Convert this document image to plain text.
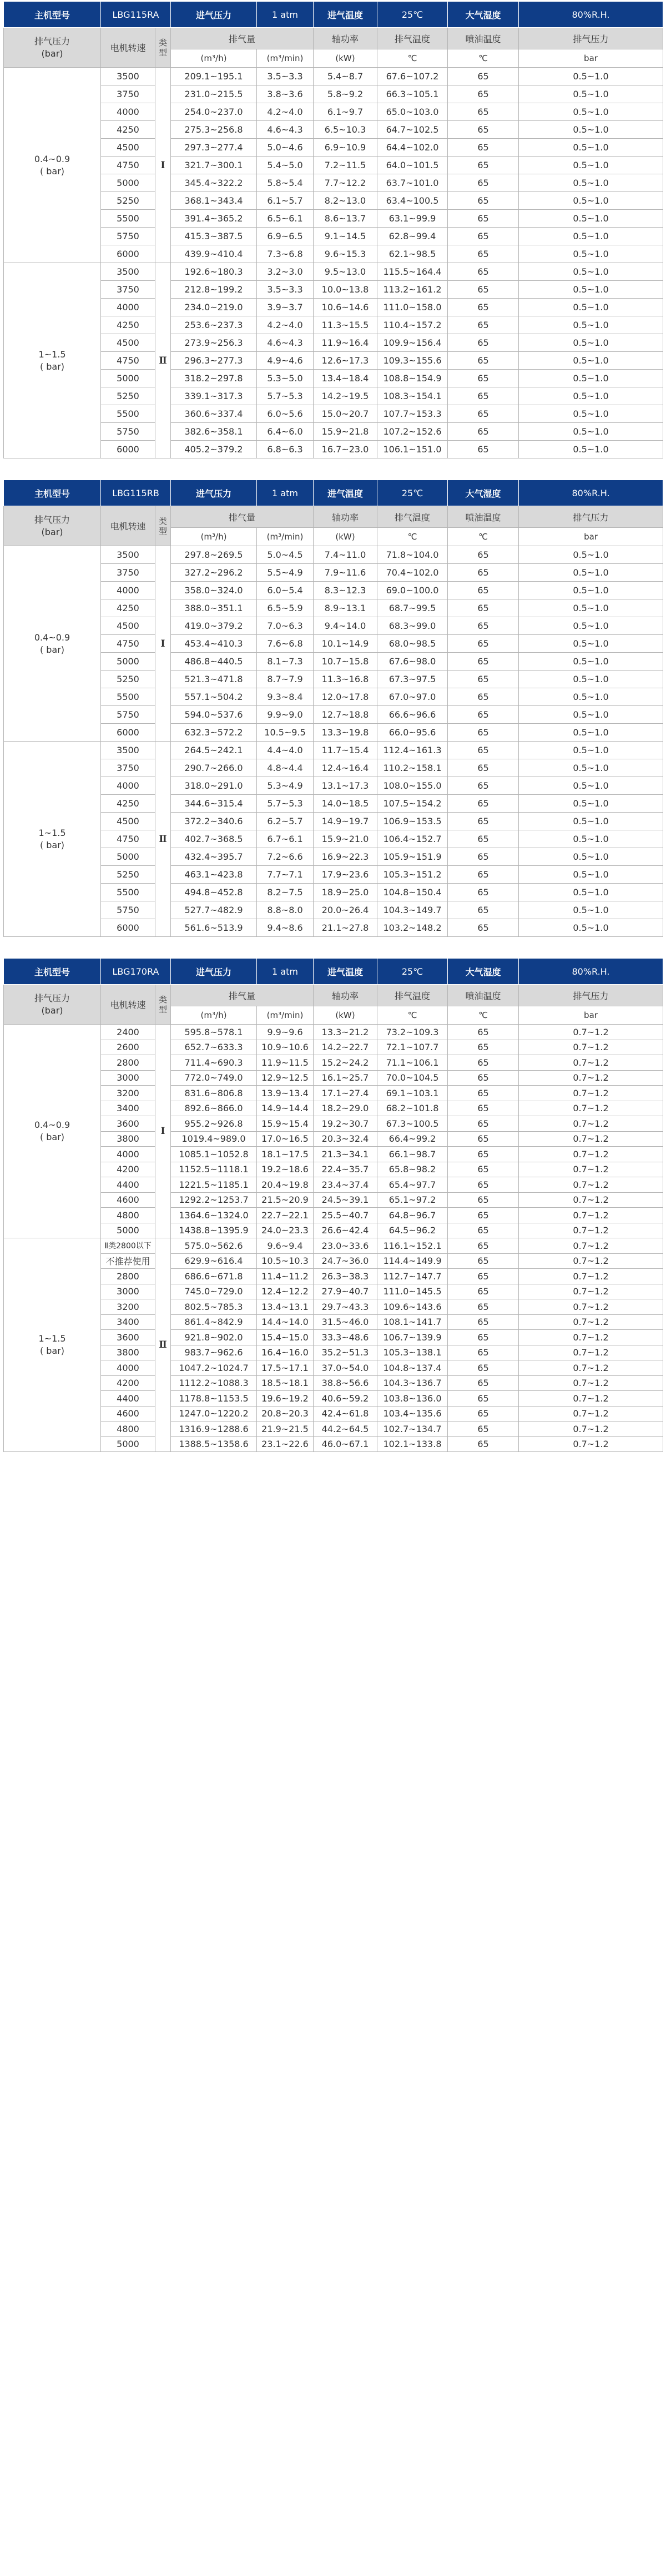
主机型号	LBG115RA		进气压力	1 atm	进气温度	25℃	大气湿度	80%R.H.

排气压力
(bar)	电机转速	类型	排气量		轴功率	排气温度	喷油温度	排气压力
			(m³/h)	(m³/min)	(kW)	℃	℃	bar

0.4~0.9
( bar)	3500	Ⅰ	209.1~195.1	3.5~3.3	5.4~8.7	67.6~107.2	65	0.5~1.0
	3750		231.0~215.5	3.8~3.6	5.8~9.2	66.3~105.1	65	0.5~1.0
	4000		254.0~237.0	4.2~4.0	6.1~9.7	65.0~103.0	65	0.5~1.0
	4250		275.3~256.8	4.6~4.3	6.5~10.3	64.7~102.5	65	0.5~1.0
	4500		297.3~277.4	5.0~4.6	6.9~10.9	64.4~102.0	65	0.5~1.0
	4750		321.7~300.1	5.4~5.0	7.2~11.5	64.0~101.5	65	0.5~1.0
	5000		345.4~322.2	5.8~5.4	7.7~12.2	63.7~101.0	65	0.5~1.0
	5250		368.1~343.4	6.1~5.7	8.2~13.0	63.4~100.5	65	0.5~1.0
	5500		391.4~365.2	6.5~6.1	8.6~13.7	63.1~99.9	65	0.5~1.0
	5750		415.3~387.5	6.9~6.5	9.1~14.5	62.8~99.4	65	0.5~1.0
	6000		439.9~410.4	7.3~6.8	9.6~15.3	62.1~98.5	65	0.5~1.0

1~1.5
( bar)	3500	Ⅱ	192.6~180.3	3.2~3.0	9.5~13.0	115.5~164.4	65	0.5~1.0
	3750		212.8~199.2	3.5~3.3	10.0~13.8	113.2~161.2	65	0.5~1.0
	4000		234.0~219.0	3.9~3.7	10.6~14.6	111.0~158.0	65	0.5~1.0
	4250		253.6~237.3	4.2~4.0	11.3~15.5	110.4~157.2	65	0.5~1.0
	4500		273.9~256.3	4.6~4.3	11.9~16.4	109.9~156.4	65	0.5~1.0
	4750		296.3~277.3	4.9~4.6	12.6~17.3	109.3~155.6	65	0.5~1.0
	5000		318.2~297.8	5.3~5.0	13.4~18.4	108.8~154.9	65	0.5~1.0
	5250		339.1~317.3	5.7~5.3	14.2~19.5	108.3~154.1	65	0.5~1.0
	5500		360.6~337.4	6.0~5.6	15.0~20.7	107.7~153.3	65	0.5~1.0
	5750		382.6~358.1	6.4~6.0	15.9~21.8	107.2~152.6	65	0.5~1.0
	6000		405.2~379.2	6.8~6.3	16.7~23.0	106.1~151.0	65	0.5~1.0
主机型号	LBG115RB		进气压力	1 atm	进气温度	25℃	大气湿度	80%R.H.

排气压力
(bar)	电机转速	类型	排气量		轴功率	排气温度	喷油温度	排气压力
			(m³/h)	(m³/min)	(kW)	℃	℃	bar

0.4~0.9
( bar)	3500	Ⅰ	297.8~269.5	5.0~4.5	7.4~11.0	71.8~104.0	65	0.5~1.0
	3750		327.2~296.2	5.5~4.9	7.9~11.6	70.4~102.0	65	0.5~1.0
	4000		358.0~324.0	6.0~5.4	8.3~12.3	69.0~100.0	65	0.5~1.0
	4250		388.0~351.1	6.5~5.9	8.9~13.1	68.7~99.5	65	0.5~1.0
	4500		419.0~379.2	7.0~6.3	9.4~14.0	68.3~99.0	65	0.5~1.0
	4750		453.4~410.3	7.6~6.8	10.1~14.9	68.0~98.5	65	0.5~1.0
	5000		486.8~440.5	8.1~7.3	10.7~15.8	67.6~98.0	65	0.5~1.0
	5250		521.3~471.8	8.7~7.9	11.3~16.8	67.3~97.5	65	0.5~1.0
	5500		557.1~504.2	9.3~8.4	12.0~17.8	67.0~97.0	65	0.5~1.0
	5750		594.0~537.6	9.9~9.0	12.7~18.8	66.6~96.6	65	0.5~1.0
	6000		632.3~572.2	10.5~9.5	13.3~19.8	66.0~95.6	65	0.5~1.0

1~1.5
( bar)	3500	Ⅱ	264.5~242.1	4.4~4.0	11.7~15.4	112.4~161.3	65	0.5~1.0
	3750		290.7~266.0	4.8~4.4	12.4~16.4	110.2~158.1	65	0.5~1.0
	4000		318.0~291.0	5.3~4.9	13.1~17.3	108.0~155.0	65	0.5~1.0
	4250		344.6~315.4	5.7~5.3	14.0~18.5	107.5~154.2	65	0.5~1.0
	4500		372.2~340.6	6.2~5.7	14.9~19.7	106.9~153.5	65	0.5~1.0
	4750		402.7~368.5	6.7~6.1	15.9~21.0	106.4~152.7	65	0.5~1.0
	5000		432.4~395.7	7.2~6.6	16.9~22.3	105.9~151.9	65	0.5~1.0
	5250		463.1~423.8	7.7~7.1	17.9~23.6	105.3~151.2	65	0.5~1.0
	5500		494.8~452.8	8.2~7.5	18.9~25.0	104.8~150.4	65	0.5~1.0
	5750		527.7~482.9	8.8~8.0	20.0~26.4	104.3~149.7	65	0.5~1.0
	6000		561.6~513.9	9.4~8.6	21.1~27.8	103.2~148.2	65	0.5~1.0
主机型号	LBG170RA		进气压力	1 atm	进气温度	25℃	大气湿度	80%R.H.

排气压力
(bar)	电机转速	类型	排气量		轴功率	排气温度	喷油温度	排气压力
			(m³/h)	(m³/min)	(kW)	℃	℃	bar

0.4~0.9
( bar)	2400	Ⅰ	595.8~578.1	9.9~9.6	13.3~21.2	73.2~109.3	65	0.7~1.2
	2600		652.7~633.3	10.9~10.6	14.2~22.7	72.1~107.7	65	0.7~1.2
	2800		711.4~690.3	11.9~11.5	15.2~24.2	71.1~106.1	65	0.7~1.2
	3000		772.0~749.0	12.9~12.5	16.1~25.7	70.0~104.5	65	0.7~1.2
	3200		831.6~806.8	13.9~13.4	17.1~27.4	69.1~103.1	65	0.7~1.2
	3400		892.6~866.0	14.9~14.4	18.2~29.0	68.2~101.8	65	0.7~1.2
	3600		955.2~926.8	15.9~15.4	19.2~30.7	67.3~100.5	65	0.7~1.2
	3800		1019.4~989.0	17.0~16.5	20.3~32.4	66.4~99.2	65	0.7~1.2
	4000		1085.1~1052.8	18.1~17.5	21.3~34.1	66.1~98.7	65	0.7~1.2
	4200		1152.5~1118.1	19.2~18.6	22.4~35.7	65.8~98.2	65	0.7~1.2
	4400		1221.5~1185.1	20.4~19.8	23.4~37.4	65.4~97.7	65	0.7~1.2
	4600		1292.2~1253.7	21.5~20.9	24.5~39.1	65.1~97.2	65	0.7~1.2
	4800		1364.6~1324.0	22.7~22.1	25.5~40.7	64.8~96.7	65	0.7~1.2
	5000		1438.8~1395.9	24.0~23.3	26.6~42.4	64.5~96.2	65	0.7~1.2

1~1.5
( bar)	Ⅱ类2800以下	Ⅱ	575.0~562.6	9.6~9.4	23.0~33.6	116.1~152.1	65	0.7~1.2
	不推荐使用		629.9~616.4	10.5~10.3	24.7~36.0	114.4~149.9	65	0.7~1.2
	2800		686.6~671.8	11.4~11.2	26.3~38.3	112.7~147.7	65	0.7~1.2
	3000		745.0~729.0	12.4~12.2	27.9~40.7	111.0~145.5	65	0.7~1.2
	3200		802.5~785.3	13.4~13.1	29.7~43.3	109.6~143.6	65	0.7~1.2
	3400		861.4~842.9	14.4~14.0	31.5~46.0	108.1~141.7	65	0.7~1.2
	3600		921.8~902.0	15.4~15.0	33.3~48.6	106.7~139.9	65	0.7~1.2
	3800		983.7~962.6	16.4~16.0	35.2~51.3	105.3~138.1	65	0.7~1.2
	4000		1047.2~1024.7	17.5~17.1	37.0~54.0	104.8~137.4	65	0.7~1.2
	4200		1112.2~1088.3	18.5~18.1	38.8~56.6	104.3~136.7	65	0.7~1.2
	4400		1178.8~1153.5	19.6~19.2	40.6~59.2	103.8~136.0	65	0.7~1.2
	4600		1247.0~1220.2	20.8~20.3	42.4~61.8	103.4~135.6	65	0.7~1.2
	4800		1316.9~1288.6	21.9~21.5	44.2~64.5	102.7~134.7	65	0.7~1.2
	5000		1388.5~1358.6	23.1~22.6	46.0~67.1	102.1~133.8	65	0.7~1.2
